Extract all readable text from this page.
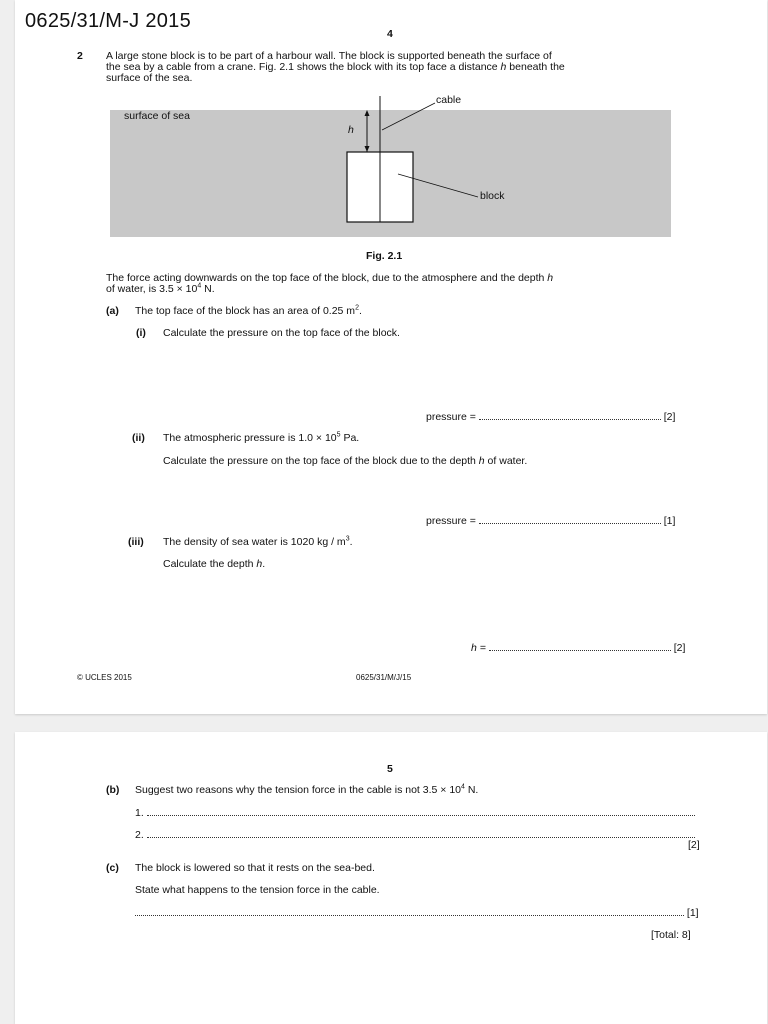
0625/31/M-J 2015
4
2 A large stone block is to be part of a harbour wall. The block is supported beneath the surface of
the sea by a cable from a crane. Fig. 2.1 shows the block with its top face a distance h beneath the
surface of the sea.
cable
surface of sea
h
block
Fig. 2.1
The force acting downwards on the top face of the block, due to the atmosphere and the depth h
of water, is $3.5 \times 10^4$ N.
(a) The top face of the block has an area of 0.25 $m^2$.
(i) Calculate the pressure on the top face of the block.
pressure =	[2]
(ii) The atmospheric pressure is $1.0 \times 10^5$ Pa.
Calculate the pressure on the top face of the block due to the depth h of water.
pressure =	[1]
(iii) The density of sea water is 1020 kg / $m^3$.
Calculate the depth h.
h =	[2]
© UCLES 2015	0625/31/M/J/15
5
(b) Suggest two reasons why the tension force in the cable is not $3.5 \times 10^4$ N.
1.
2.
[2]
(c) The block is lowered so that it rests on the sea-bed.
State what happens to the tension force in the cable.
[1]
[Total: 8]
